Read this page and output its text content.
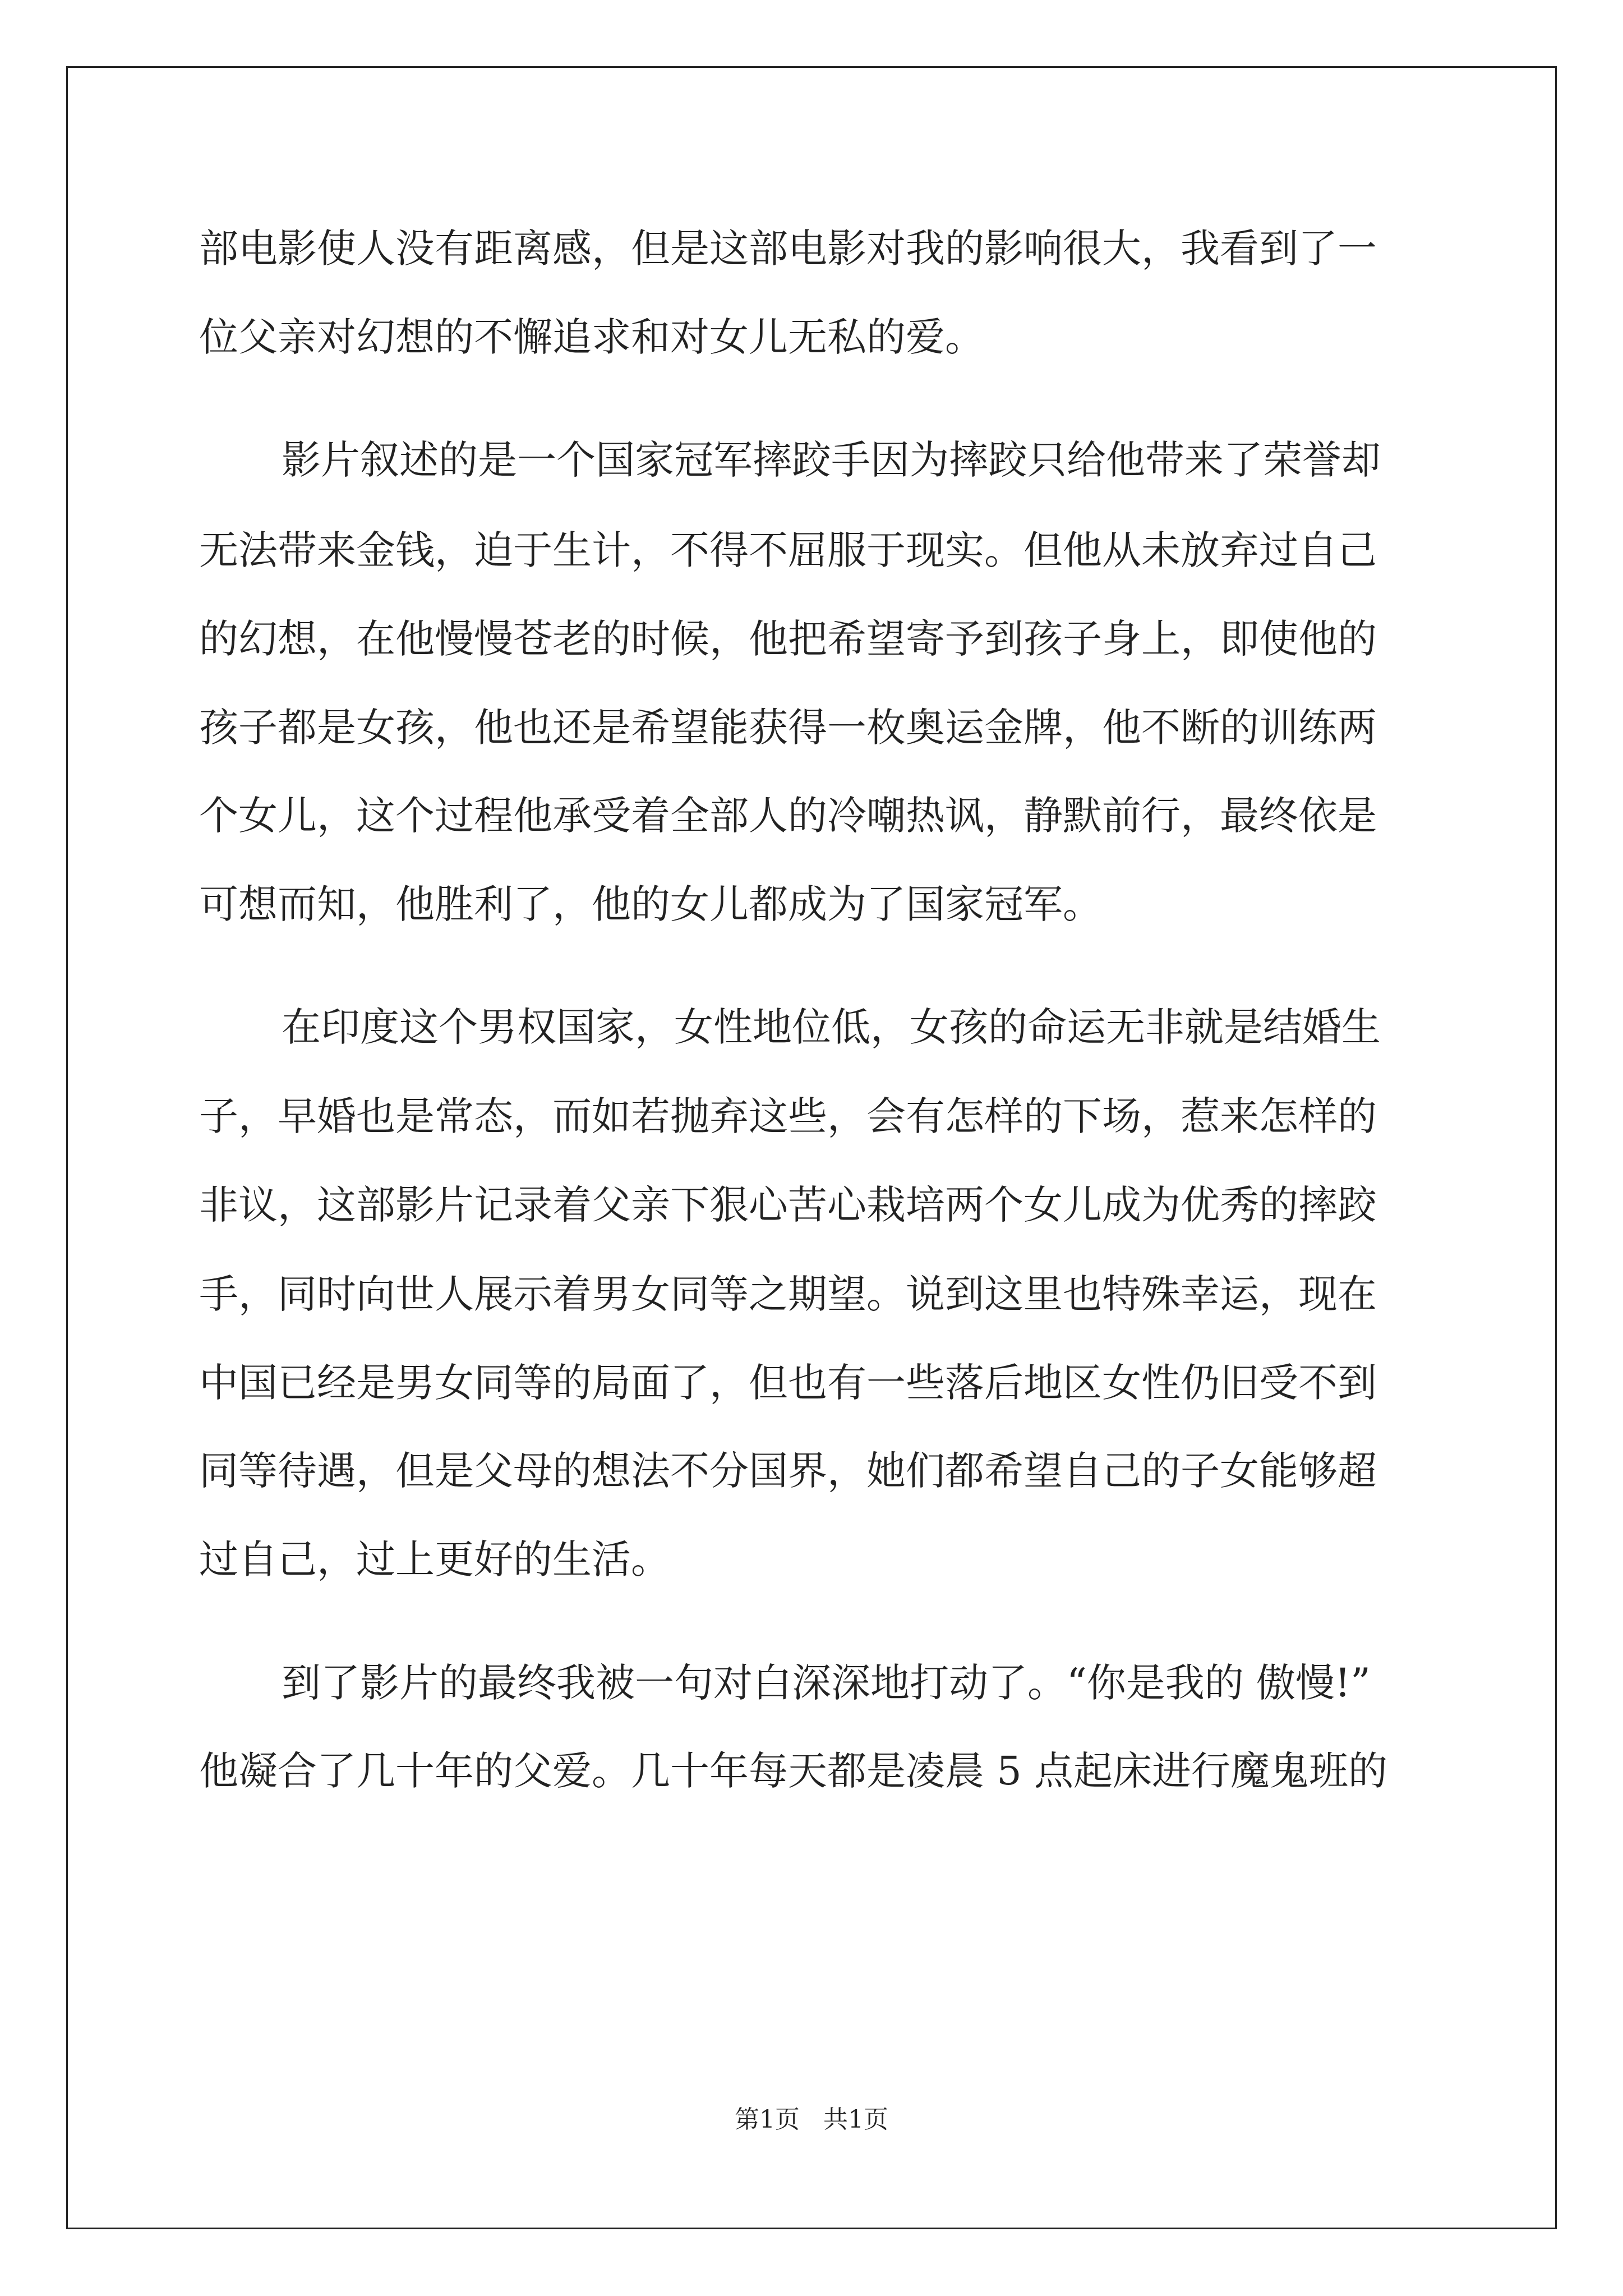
部电影使人没有距离感，但是这部电影对我的影响很大，我看到了一
位父亲对幻想的不懈追求和对女儿无私的爱。
影片叙述的是一个国家冠军摔跤手因为摔跤只给他带来了荣誉却
无法带来金钱，迫于生计，不得不屈服于现实。但他从未放弃过自己
的幻想，在他慢慢苍老的时候，他把希望寄予到孩子身上，即使他的
孩子都是女孩，他也还是希望能获得一枚奥运金牌，他不断的训练两
个女儿，这个过程他承受着全部人的冷嘲热讽，静默前行，最终依是
可想而知，他胜利了，他的女儿都成为了国家冠军。
在印度这个男权国家，女性地位低，女孩的命运无非就是结婚生
子，早婚也是常态，而如若抛弃这些，会有怎样的下场，惹来怎样的
非议，这部影片记录着父亲下狠心苦心栽培两个女儿成为优秀的摔跤
手，同时向世人展示着男女同等之期望。说到这里也特殊幸运，现在
中国已经是男女同等的局面了，但也有一些落后地区女性仍旧受不到
同等待遇，但是父母的想法不分国界，她们都希望自己的子女能够超
过自己，过上更好的生活。
到了影片的最终我被一句对白深深地打动了。“你是我的 傲慢!”
他凝合了几十年的父爱。几十年每天都是凌晨 5 点起床进行魔鬼班的
第1页 共1页
